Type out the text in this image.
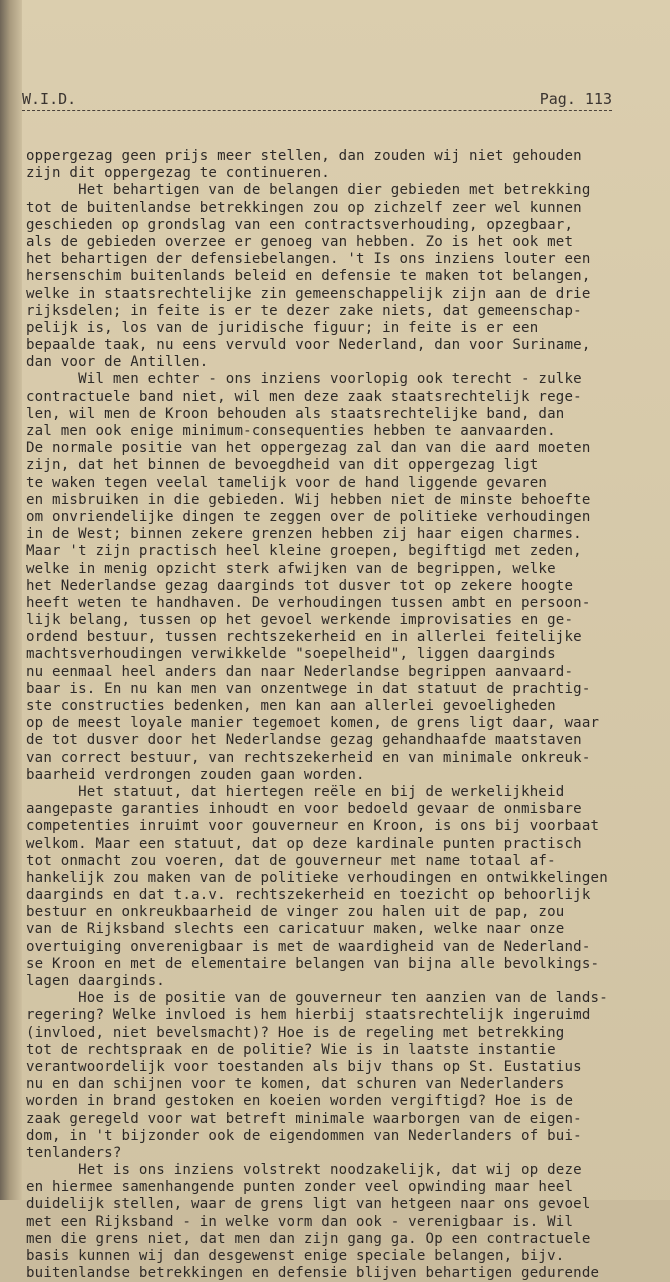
W.I.D.	Pag. 113
oppergezag geen prijs meer stellen, dan zouden wij niet gehouden
zijn dit oppergezag te continueren.
Het behartigen van de belangen dier gebieden met betrekking
tot de buitenlandse betrekkingen zou op zichzelf zeer wel kunnen
geschieden op grondslag van een contractsverhouding, opzegbaar,
als de gebieden overzee er genoeg van hebben. Zo is het ook met
het behartigen der defensiebelangen. 't Is ons inziens louter een
hersenschim buitenlands beleid en defensie te maken tot belangen,
welke in staatsrechtelijke zin gemeenschappelijk zijn aan de drie
rijksdelen; in feite is er te dezer zake niets, dat gemeenschap-
pelijk is, los van de juridische figuur; in feite is er een
bepaalde taak, nu eens vervuld voor Nederland, dan voor Suriname,
dan voor de Antillen.
Wil men echter - ons inziens voorlopig ook terecht - zulke
contractuele band niet, wil men deze zaak staatsrechtelijk rege-
len, wil men de Kroon behouden als staatsrechtelijke band, dan
zal men ook enige minimum-consequenties hebben te aanvaarden.
De normale positie van het oppergezag zal dan van die aard moeten
zijn, dat het binnen de bevoegdheid van dit oppergezag ligt
te waken tegen veelal tamelijk voor de hand liggende gevaren
en misbruiken in die gebieden. Wij hebben niet de minste behoefte
om onvriendelijke dingen te zeggen over de politieke verhoudingen
in de West; binnen zekere grenzen hebben zij haar eigen charmes.
Maar 't zijn practisch heel kleine groepen, begiftigd met zeden,
welke in menig opzicht sterk afwijken van de begrippen, welke
het Nederlandse gezag daarginds tot dusver tot op zekere hoogte
heeft weten te handhaven. De verhoudingen tussen ambt en persoon-
lijk belang, tussen op het gevoel werkende improvisaties en ge-
ordend bestuur, tussen rechtszekerheid en in allerlei feitelijke
machtsverhoudingen verwikkelde "soepelheid", liggen daarginds
nu eenmaal heel anders dan naar Nederlandse begrippen aanvaard-
baar is. En nu kan men van onzentwege in dat statuut de prachtig-
ste constructies bedenken, men kan aan allerlei gevoeligheden
op de meest loyale manier tegemoet komen, de grens ligt daar, waar
de tot dusver door het Nederlandse gezag gehandhaafde maatstaven
van correct bestuur, van rechtszekerheid en van minimale onkreuk-
baarheid verdrongen zouden gaan worden.
Het statuut, dat hiertegen reële en bij de werkelijkheid
aangepaste garanties inhoudt en voor bedoeld gevaar de onmisbare
competenties inruimt voor gouverneur en Kroon, is ons bij voorbaat
welkom. Maar een statuut, dat op deze kardinale punten practisch
tot onmacht zou voeren, dat de gouverneur met name totaal af-
hankelijk zou maken van de politieke verhoudingen en ontwikkelingen
daarginds en dat t.a.v. rechtszekerheid en toezicht op behoorlijk
bestuur en onkreukbaarheid de vinger zou halen uit de pap, zou
van de Rijksband slechts een caricatuur maken, welke naar onze
overtuiging onverenigbaar is met de waardigheid van de Nederland-
se Kroon en met de elementaire belangen van bijna alle bevolkings-
lagen daarginds.
Hoe is de positie van de gouverneur ten aanzien van de lands-
regering? Welke invloed is hem hierbij staatsrechtelijk ingeruimd
(invloed, niet bevelsmacht)? Hoe is de regeling met betrekking
tot de rechtspraak en de politie? Wie is in laatste instantie
verantwoordelijk voor toestanden als bijv thans op St. Eustatius
nu en dan schijnen voor te komen, dat schuren van Nederlanders
worden in brand gestoken en koeien worden vergiftigd? Hoe is de
zaak geregeld voor wat betreft minimale waarborgen van de eigen-
dom, in 't bijzonder ook de eigendommen van Nederlanders of bui-
tenlanders?
Het is ons inziens volstrekt noodzakelijk, dat wij op deze
en hiermee samenhangende punten zonder veel opwinding maar heel
duidelijk stellen, waar de grens ligt van hetgeen naar ons gevoel
met een Rijksband - in welke vorm dan ook - verenigbaar is. Wil
men die grens niet, dat men dan zijn gang ga. Op een contractuele
basis kunnen wij dan desgewenst enige speciale belangen, bijv.
buitenlandse betrekkingen en defensie blijven behartigen gedurende
